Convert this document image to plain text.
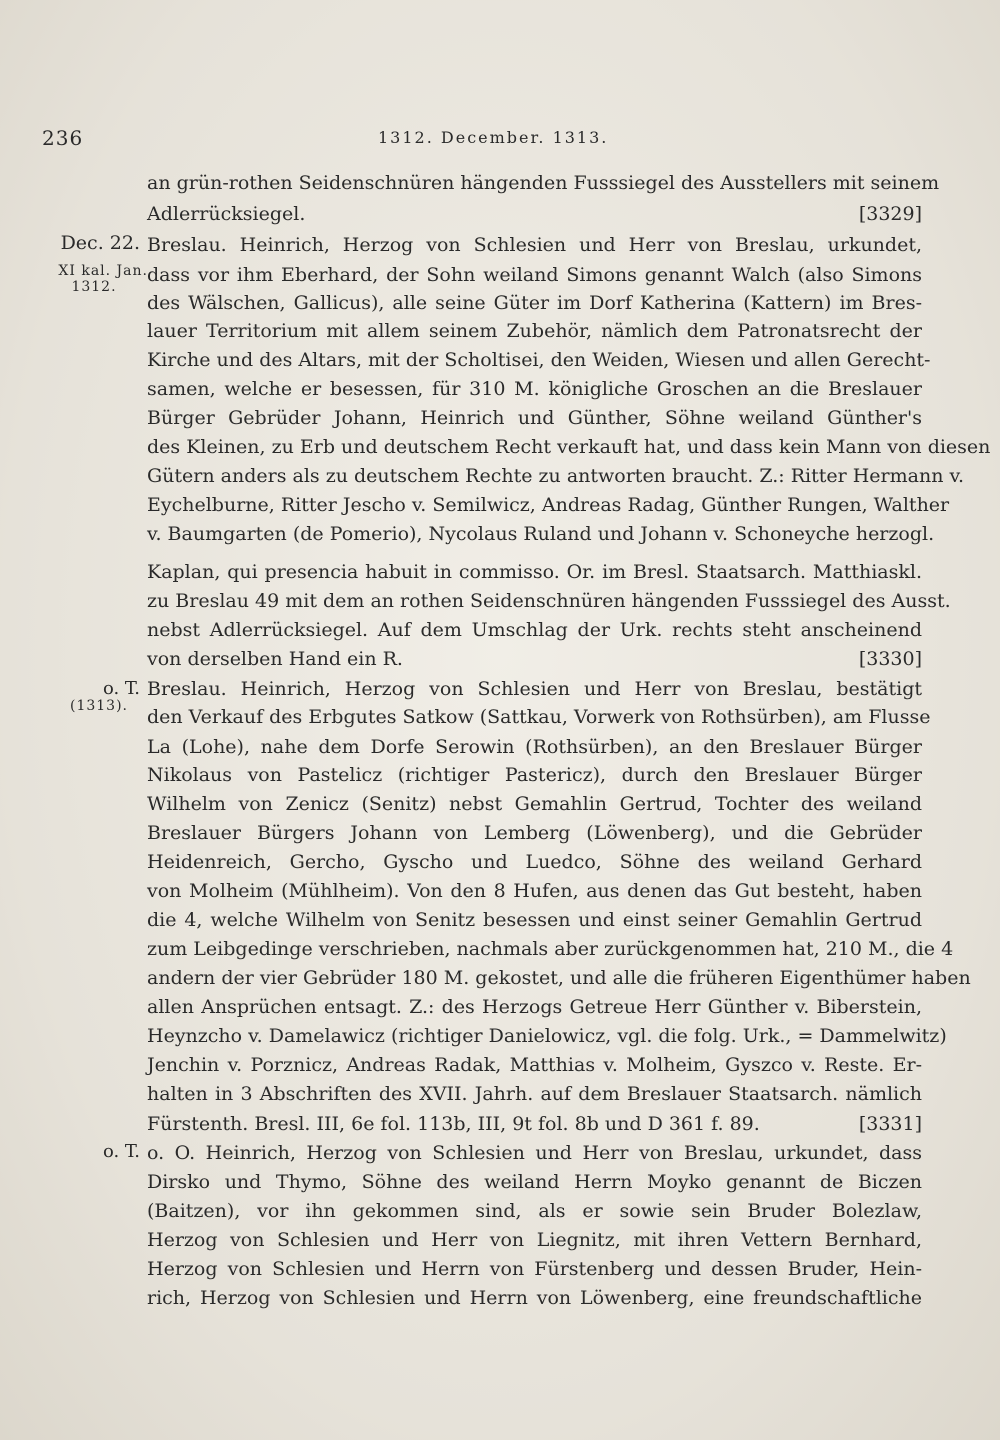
236	1312. December. 1313.
Dec. 22.
XI kal. Jan.
1312.
o. T.
(1313).
o. T.
an grün-rothen Seidenschnüren hängenden Fusssiegel des Ausstellers mit seinem
Adlerrücksiegel.	[3329]
Breslau. Heinrich, Herzog von Schlesien und Herr von Breslau, urkundet,
dass vor ihm Eberhard, der Sohn weiland Simons genannt Walch (also Simons
des Wälschen, Gallicus), alle seine Güter im Dorf Katherina (Kattern) im Bres-
lauer Territorium mit allem seinem Zubehör, nämlich dem Patronatsrecht der
Kirche und des Altars, mit der Scholtisei, den Weiden, Wiesen und allen Gerecht-
samen, welche er besessen, für 310 M. königliche Groschen an die Breslauer
Bürger Gebrüder Johann, Heinrich und Günther, Söhne weiland Günther's
des Kleinen, zu Erb und deutschem Recht verkauft hat, und dass kein Mann von diesen
Gütern anders als zu deutschem Rechte zu antworten braucht. Z.: Ritter Hermann v.
Eychelburne, Ritter Jescho v. Semilwicz, Andreas Radag, Günther Rungen, Walther
v. Baumgarten (de Pomerio), Nycolaus Ruland und Johann v. Schoneyche herzogl.
Kaplan, qui presencia habuit in commisso. Or. im Bresl. Staatsarch. Matthiaskl.
zu Breslau 49 mit dem an rothen Seidenschnüren hängenden Fusssiegel des Ausst.
nebst Adlerrücksiegel. Auf dem Umschlag der Urk. rechts steht anscheinend
von derselben Hand ein R.	[3330]
Breslau. Heinrich, Herzog von Schlesien und Herr von Breslau, bestätigt
den Verkauf des Erbgutes Satkow (Sattkau, Vorwerk von Rothsürben), am Flusse
La (Lohe), nahe dem Dorfe Serowin (Rothsürben), an den Breslauer Bürger
Nikolaus von Pastelicz (richtiger Pastericz), durch den Breslauer Bürger
Wilhelm von Zenicz (Senitz) nebst Gemahlin Gertrud, Tochter des weiland
Breslauer Bürgers Johann von Lemberg (Löwenberg), und die Gebrüder
Heidenreich, Gercho, Gyscho und Luedco, Söhne des weiland Gerhard
von Molheim (Mühlheim). Von den 8 Hufen, aus denen das Gut besteht, haben
die 4, welche Wilhelm von Senitz besessen und einst seiner Gemahlin Gertrud
zum Leibgedinge verschrieben, nachmals aber zurückgenommen hat, 210 M., die 4
andern der vier Gebrüder 180 M. gekostet, und alle die früheren Eigenthümer haben
allen Ansprüchen entsagt. Z.: des Herzogs Getreue Herr Günther v. Biberstein,
Heynzcho v. Damelawicz (richtiger Danielowicz, vgl. die folg. Urk., = Dammelwitz)
Jenchin v. Porznicz, Andreas Radak, Matthias v. Molheim, Gyszco v. Reste. Er-
halten in 3 Abschriften des XVII. Jahrh. auf dem Breslauer Staatsarch. nämlich
Fürstenth. Bresl. III, 6e fol. 113b, III, 9t fol. 8b und D 361 f. 89.	[3331]
o. O. Heinrich, Herzog von Schlesien und Herr von Breslau, urkundet, dass
Dirsko und Thymo, Söhne des weiland Herrn Moyko genannt de Biczen
(Baitzen), vor ihn gekommen sind, als er sowie sein Bruder Bolezlaw,
Herzog von Schlesien und Herr von Liegnitz, mit ihren Vettern Bernhard,
Herzog von Schlesien und Herrn von Fürstenberg und dessen Bruder, Hein-
rich, Herzog von Schlesien und Herrn von Löwenberg, eine freundschaftliche
